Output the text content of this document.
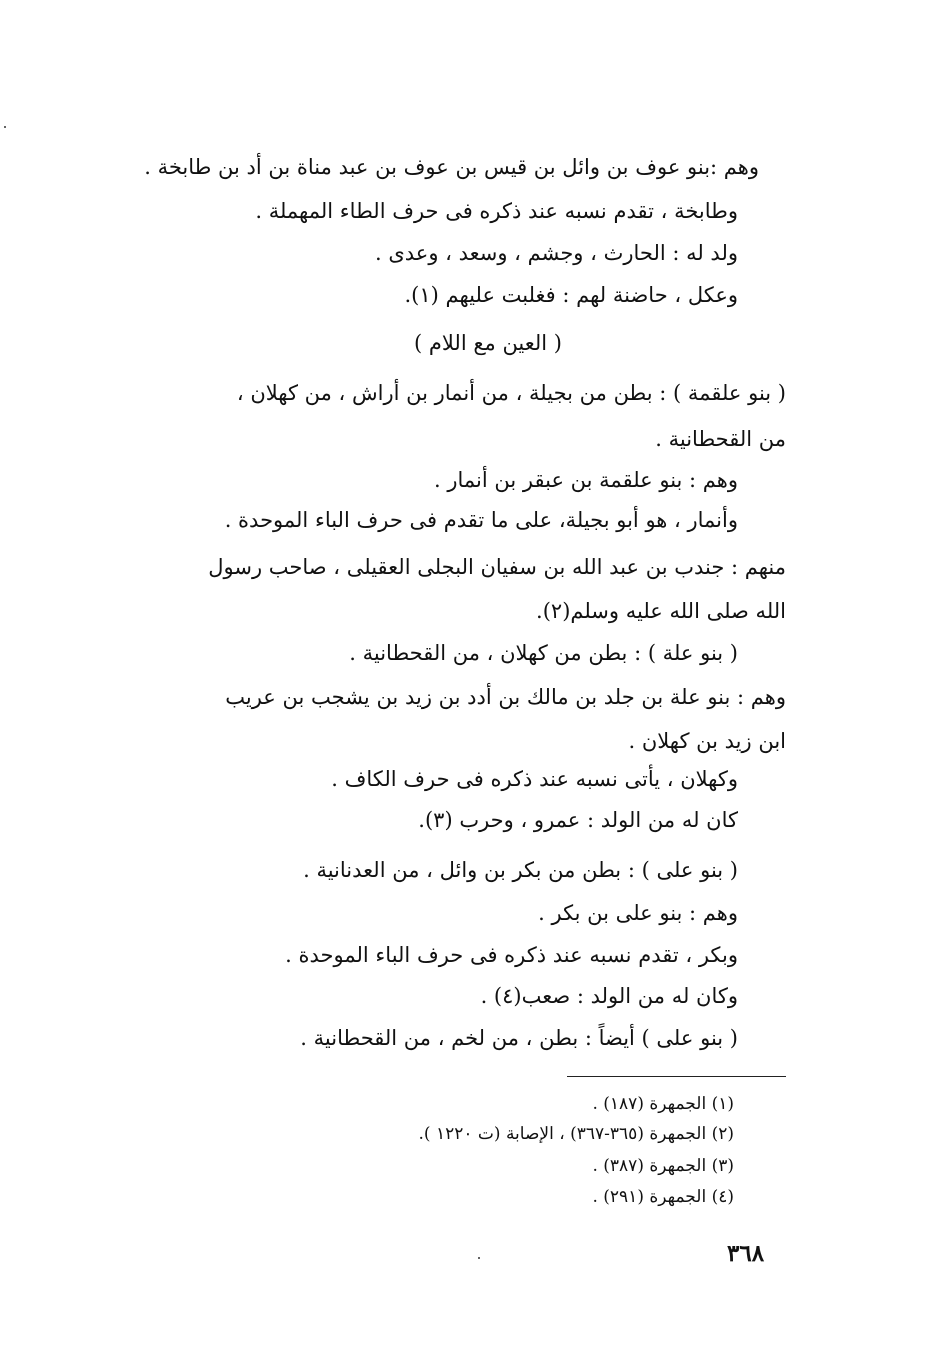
وهم :بنو عوف بن وائل بن قيس بن عوف بن عبد مناة بن أد بن طابخة .
وطابخة ، تقدم نسبه عند ذكره فى حرف الطاء المهملة .
ولد له : الحارث ، وجشم ، وسعد ، وعدى .
وعكل ، حاضنة لهم : فغلبت عليهم (١).
( العين مع اللام )
( بنو علقمة ) : بطن من بجيلة ، من أنمار بن أراش ، من كهلان ،
من القحطانية .
وهم : بنو علقمة بن عبقر بن أنمار .
وأنمار ، هو أبو بجيلة، على ما تقدم فى حرف الباء الموحدة .
منهم : جندب بن عبد الله بن سفيان البجلى العقيلى ، صاحب رسول
الله صلى الله عليه وسلم(٢).
( بنو علة ) : بطن من كهلان ، من القحطانية .
وهم : بنو علة بن جلد بن مالك بن أدد بن زيد بن يشجب بن عريب
ابن زيد بن كهلان .
وكهلان ، يأتى نسبه عند ذكره فى حرف الكاف .
كان له من الولد : عمرو ، وحرب (٣).
( بنو على ) : بطن من بكر بن وائل ، من العدنانية .
وهم : بنو على بن بكر .
وبكر ، تقدم نسبه عند ذكره فى حرف الباء الموحدة .
وكان له من الولد : صعب(٤) .
( بنو على ) أيضاً : بطن ، من لخم ، من القحطانية .
(١) الجمهرة (١٨٧) .
(٢) الجمهرة (٣٦٥-٣٦٧) ، الإصابة (ت ١٢٢٠ ).
(٣) الجمهرة (٣٨٧) .
(٤) الجمهرة (٢٩١) .
٣٦٨
